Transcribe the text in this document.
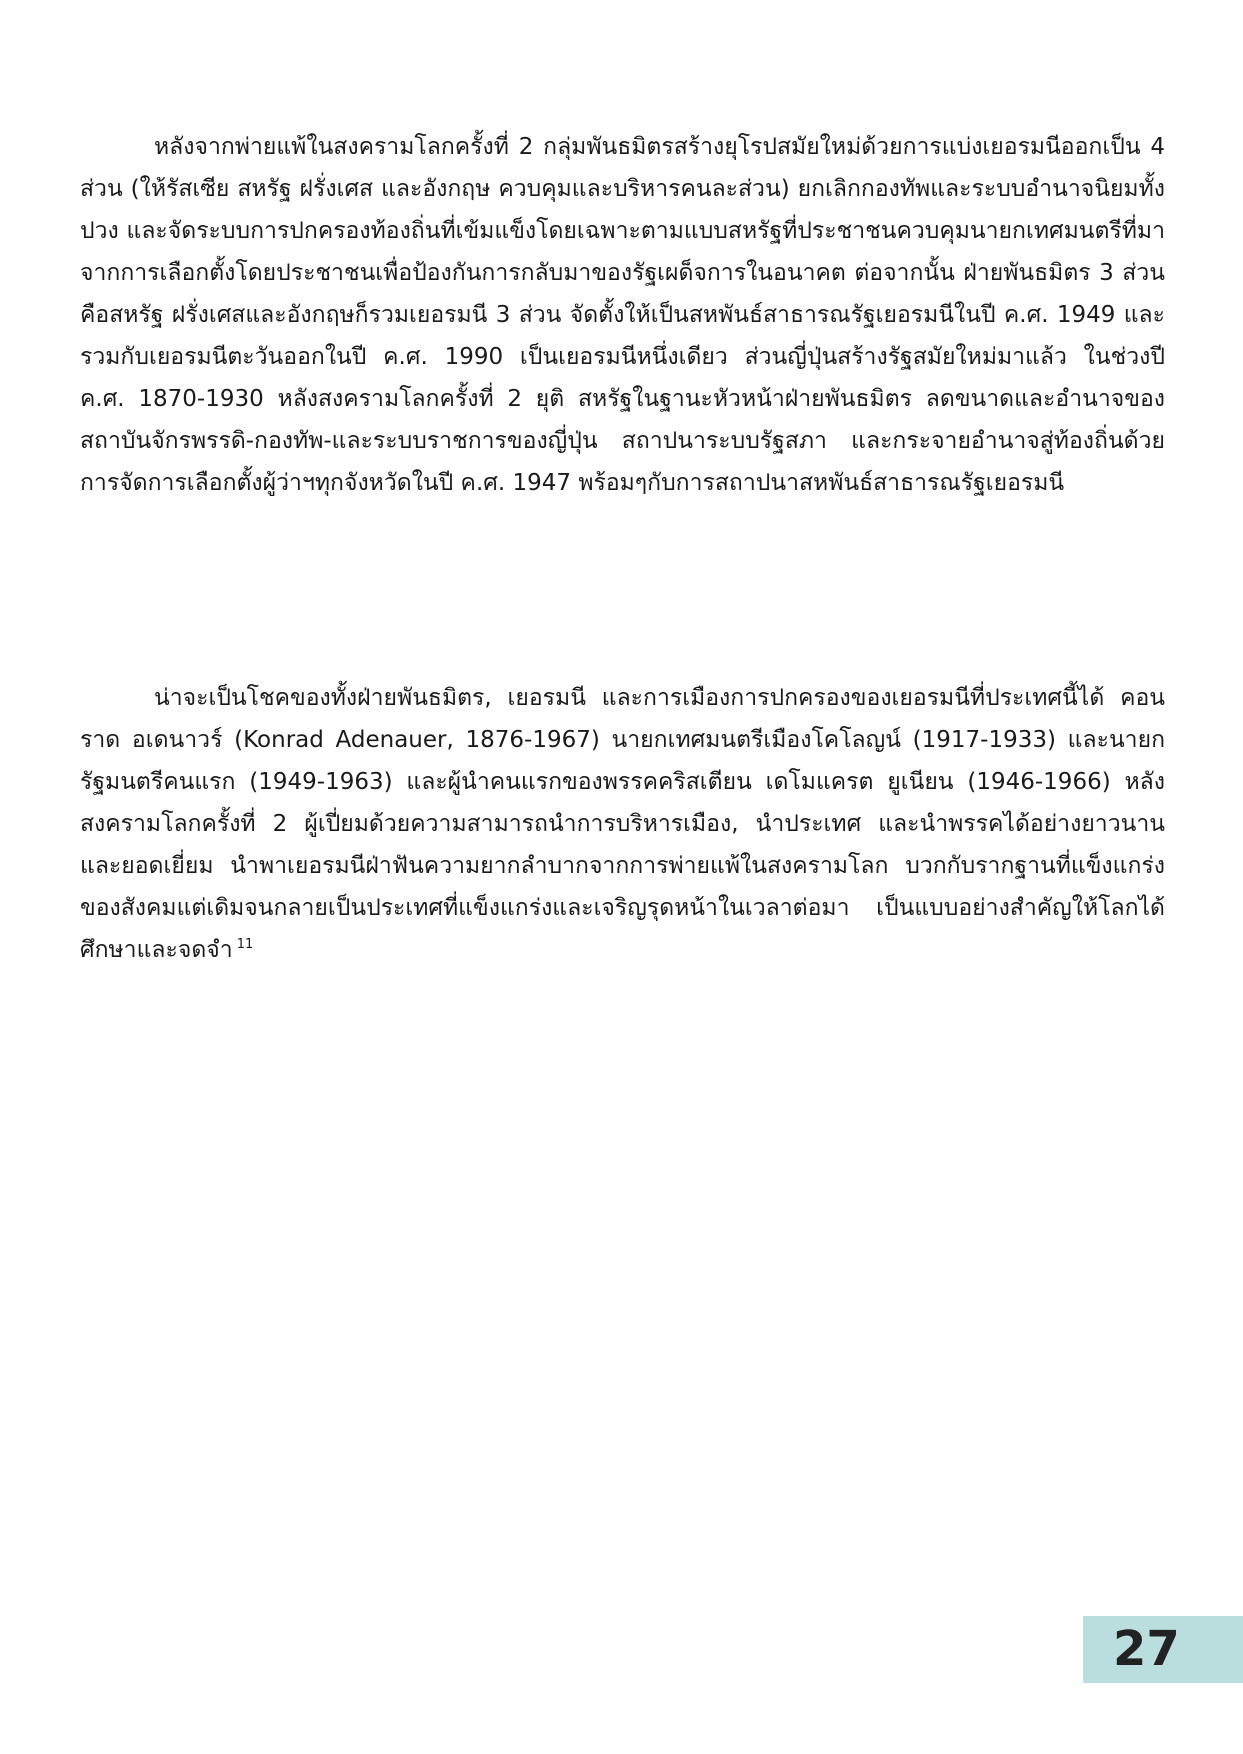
หลังจากพ่ายแพ้ในสงครามโลกครั้งที่ 2 กลุ่มพันธมิตรสร้างยุโรปสมัยใหม่ด้วยการแบ่งเยอรมนีออกเป็น 4 ส่วน (ให้รัสเซีย สหรัฐ ฝรั่งเศส และอังกฤษ ควบคุมและบริหารคนละส่วน) ยกเลิกกองทัพและระบบอำนาจนิยมทั้งปวง และจัดระบบการปกครองท้องถิ่นที่เข้มแข็งโดยเฉพาะตามแบบสหรัฐที่ประชาชนควบคุมนายกเทศมนตรีที่มาจากการเลือกตั้งโดยประชาชนเพื่อป้องกันการกลับมาของรัฐเผด็จการในอนาคต ต่อจากนั้น ฝ่ายพันธมิตร 3 ส่วนคือสหรัฐ ฝรั่งเศสและอังกฤษก็รวมเยอรมนี 3 ส่วน จัดตั้งให้เป็นสหพันธ์สาธารณรัฐเยอรมนีในปี ค.ศ. 1949 และรวมกับเยอรมนีตะวันออกในปี ค.ศ. 1990 เป็นเยอรมนีหนึ่งเดียว ส่วนญี่ปุ่นสร้างรัฐสมัยใหม่มาแล้ว ในช่วงปี ค.ศ. 1870-1930 หลังสงครามโลกครั้งที่ 2 ยุติ สหรัฐในฐานะหัวหน้าฝ่ายพันธมิตร ลดขนาดและอำนาจของสถาบันจักรพรรดิ-กองทัพ-และระบบราชการของญี่ปุ่น สถาปนาระบบรัฐสภา และกระจายอำนาจสู่ท้องถิ่นด้วยการจัดการเลือกตั้งผู้ว่าฯทุกจังหวัดในปี ค.ศ. 1947 พร้อมๆกับการสถาปนาสหพันธ์สาธารณรัฐเยอรมนี

น่าจะเป็นโชคของทั้งฝ่ายพันธมิตร, เยอรมนี และการเมืองการปกครองของเยอรมนีที่ประเทศนี้ได้ คอนราด อเดนาวร์ (Konrad Adenauer, 1876-1967) นายกเทศมนตรีเมืองโคโลญน์ (1917-1933) และนายกรัฐมนตรีคนแรก (1949-1963) และผู้นำคนแรกของพรรคคริสเตียน เดโมแครต ยูเนียน (1946-1966) หลังสงครามโลกครั้งที่ 2 ผู้เปี่ยมด้วยความสามารถนำการบริหารเมือง, นำประเทศ และนำพรรคได้อย่างยาวนานและยอดเยี่ยม นำพาเยอรมนีฝ่าฟันความยากลำบากจากการพ่ายแพ้ในสงครามโลก บวกกับรากฐานที่แข็งแกร่งของสังคมแต่เดิมจนกลายเป็นประเทศที่แข็งแกร่งและเจริญรุดหน้าในเวลาต่อมา เป็นแบบอย่างสำคัญให้โลกได้ศึกษาและจดจำ $^{11}$

27
